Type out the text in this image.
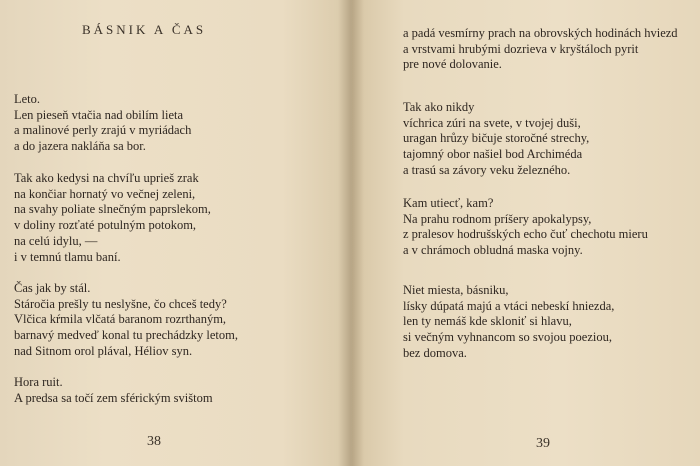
BÁSNIK A ČAS

Leto.
Len pieseň vtačia nad obilím lieta
a malinové perly zrajú v myriádach
a do jazera nakláňa sa bor.

Tak ako kedysi na chvíľu uprieš zrak
na končiar hornatý vo večnej zeleni,
na svahy poliate slnečným paprslekom,
v doliny rozťaté potulným potokom,
na celú idylu, —
i v temnú tlamu baní.

Čas jak by stál.
Stáročia prešly tu neslyšne, čo chceš tedy?
Vlčica kŕmila vlčatá baranom rozrthaným,
barnavý medveď konal tu prechádzky letom,
nad Sitnom orol plával, Héliov syn.

Hora ruit.
A predsa sa točí zem sférickým svištom

38

a padá vesmírny prach na obrovských hodinách hviezd
a vrstvami hrubými dozrieva v kryštáloch pyrit
pre nové dolovanie.

Tak ako nikdy
víchrica zúri na svete, v tvojej duši,
uragan hrůzy bičuje storočné strechy,
tajomný obor našiel bod Archiméda
a trasú sa závory veku železného.

Kam utiecť, kam?
Na prahu rodnom príšery apokalypsy,
z pralesov hodrušských echo čuť chechotu mieru
a v chrámoch obludná maska vojny.

Niet miesta, básniku,
lísky dúpatá majú a vtáci nebeskí hniezda,
len ty nemáš kde skloniť si hlavu,
si večným vyhnancom so svojou poeziou,
bez domova.

39
